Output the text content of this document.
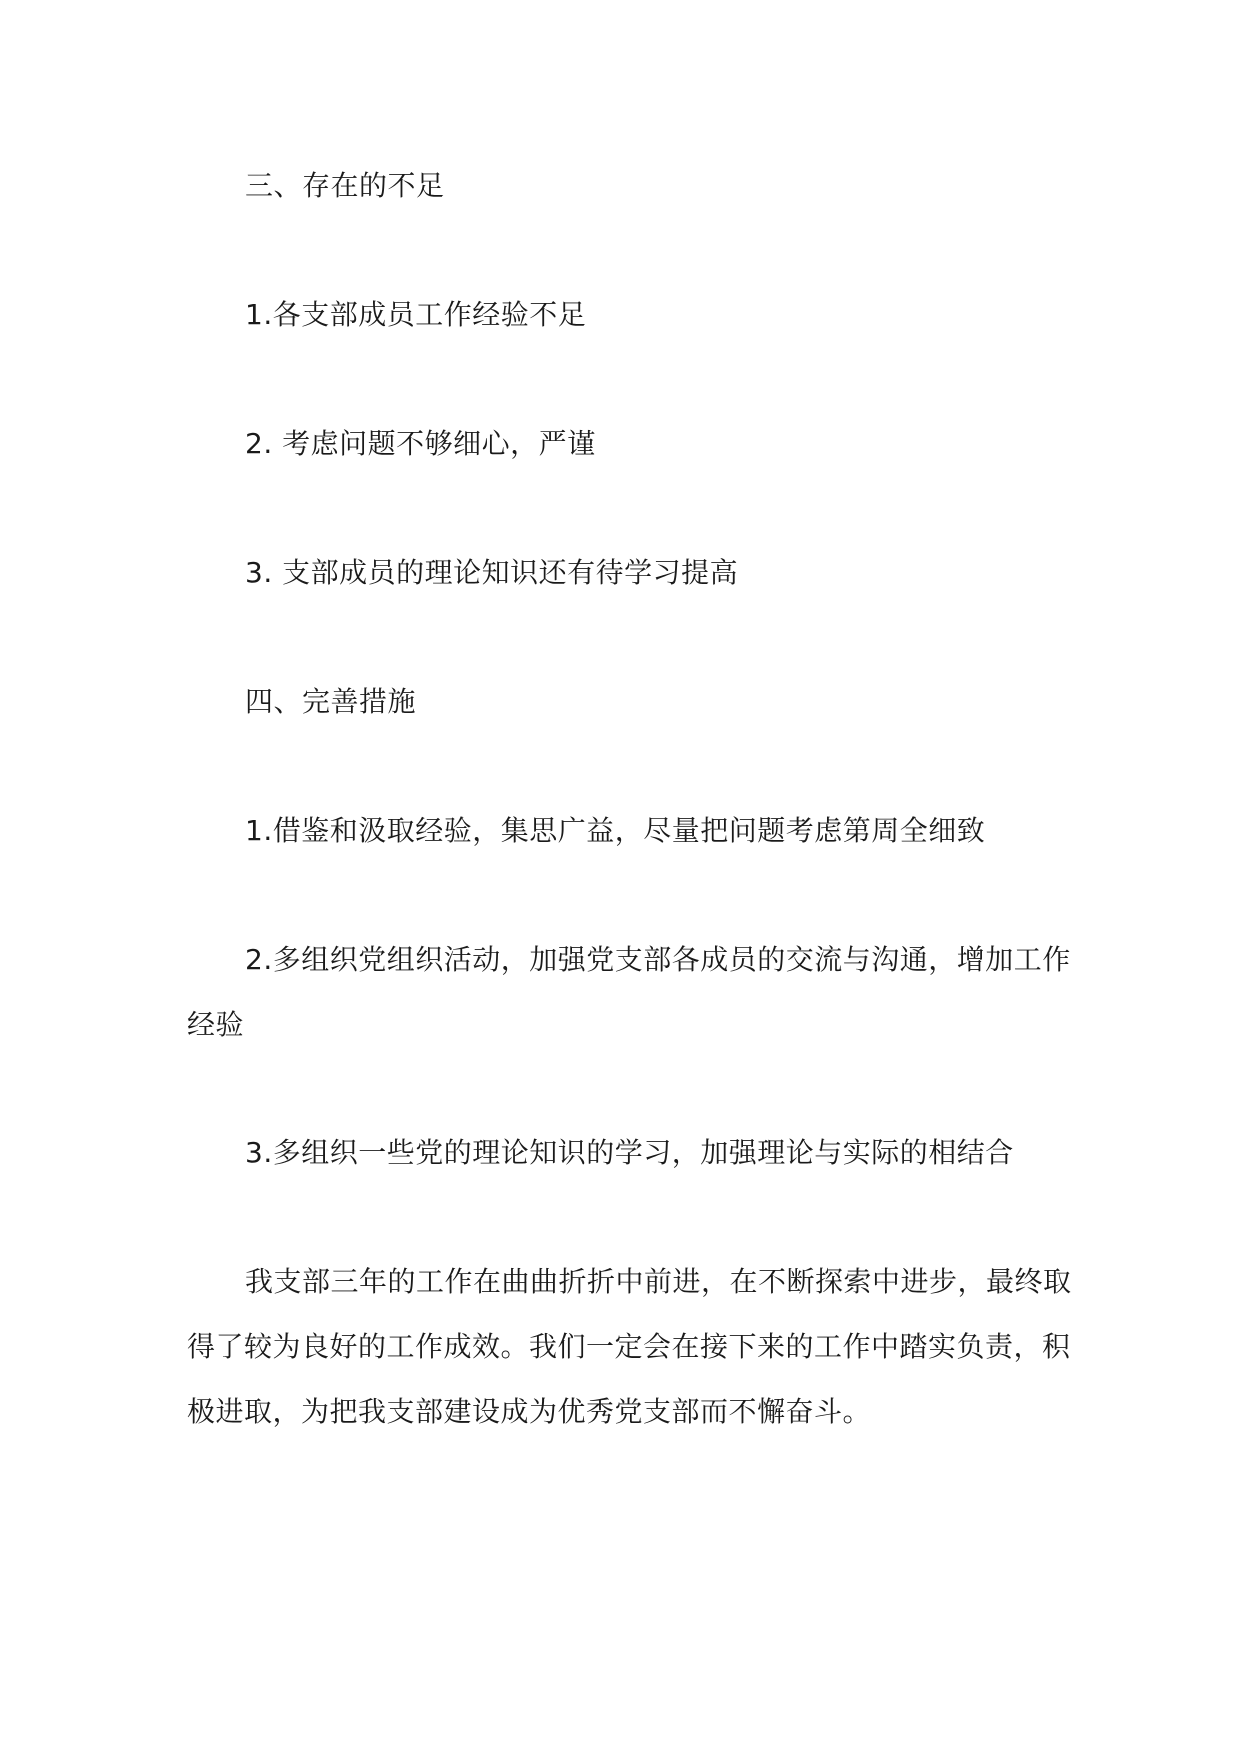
三、存在的不足

1.各支部成员工作经验不足

2. 考虑问题不够细心，严谨

3. 支部成员的理论知识还有待学习提高

四、完善措施

1.借鉴和汲取经验，集思广益，尽量把问题考虑第周全细致

2.多组织党组织活动，加强党支部各成员的交流与沟通，增加工作经验

3.多组织一些党的理论知识的学习，加强理论与实际的相结合

我支部三年的工作在曲曲折折中前进，在不断探索中进步，最终取得了较为良好的工作成效。我们一定会在接下来的工作中踏实负责，积极进取，为把我支部建设成为优秀党支部而不懈奋斗。
